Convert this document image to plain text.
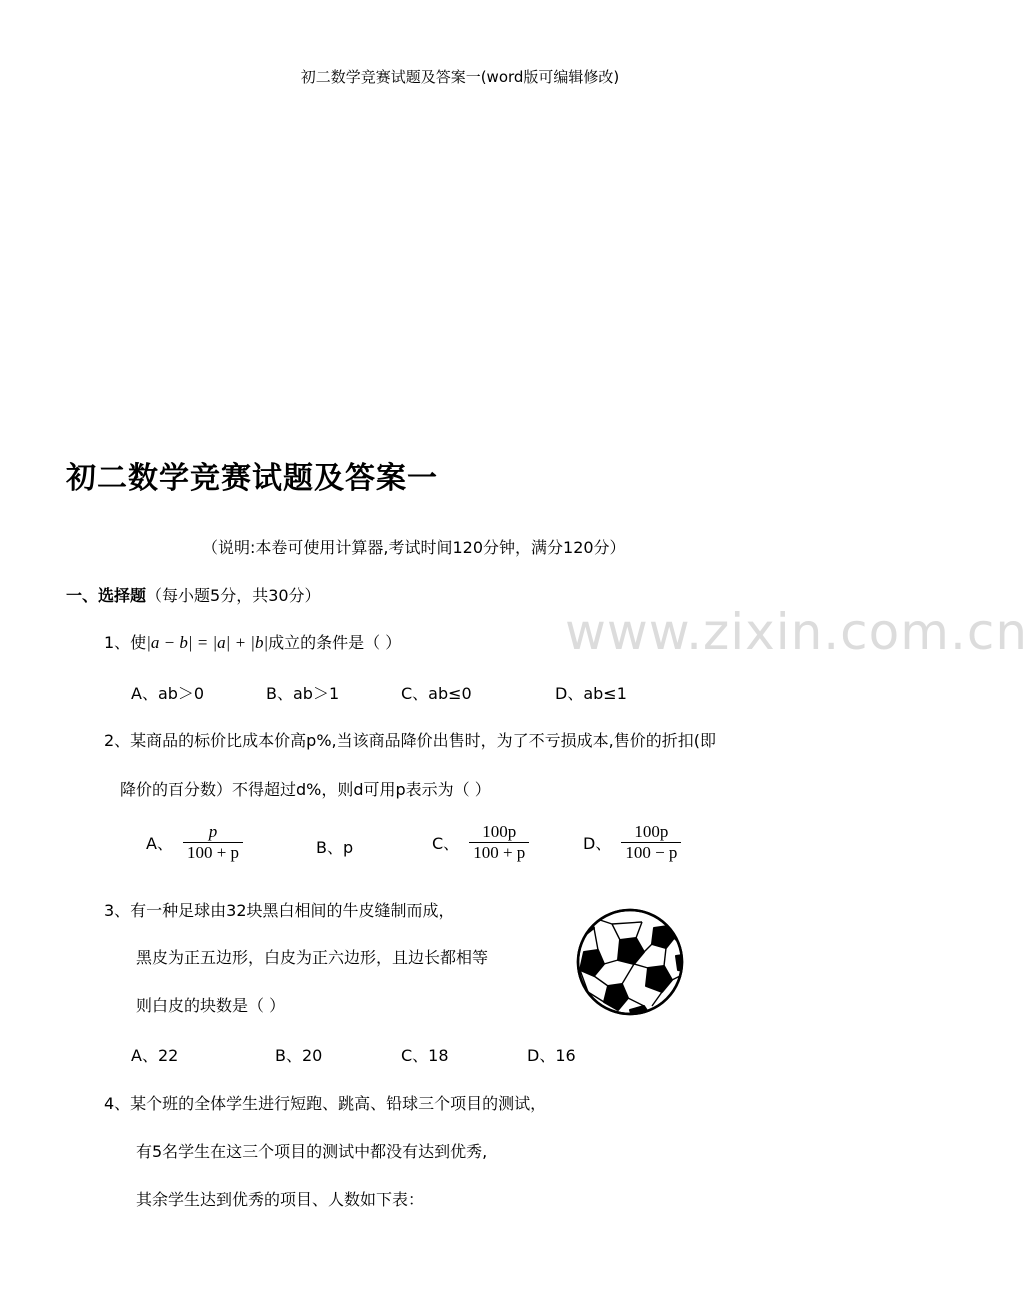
初二数学竞赛试题及答案一(word版可编辑修改)
初二数学竞赛试题及答案一
（说明:本卷可使用计算器,考试时间120分钟，满分120分）
一、选择题（每小题5分，共30分）
www.zixin.com.cn
1、使|a − b| = |a| + |b|成立的条件是（ ）
A、ab＞0	B、ab＞1	C、ab≤0	D、ab≤1
2、某商品的标价比成本价高p%,当该商品降价出售时，为了不亏损成本,售价的折扣(即
降价的百分数）不得超过d%，则d可用p表示为（ ）
A、 $\frac{p}{100 + p}$	B、p	C、 $\frac{100p}{100 + p}$	D、 $\frac{100p}{100 - p}$
3、有一种足球由32块黑白相间的牛皮缝制而成，
黑皮为正五边形，白皮为正六边形，且边长都相等
则白皮的块数是（ ）
A、22	B、20	C、18	D、16
4、某个班的全体学生进行短跑、跳高、铅球三个项目的测试，
有5名学生在这三个项目的测试中都没有达到优秀,
其余学生达到优秀的项目、人数如下表：
